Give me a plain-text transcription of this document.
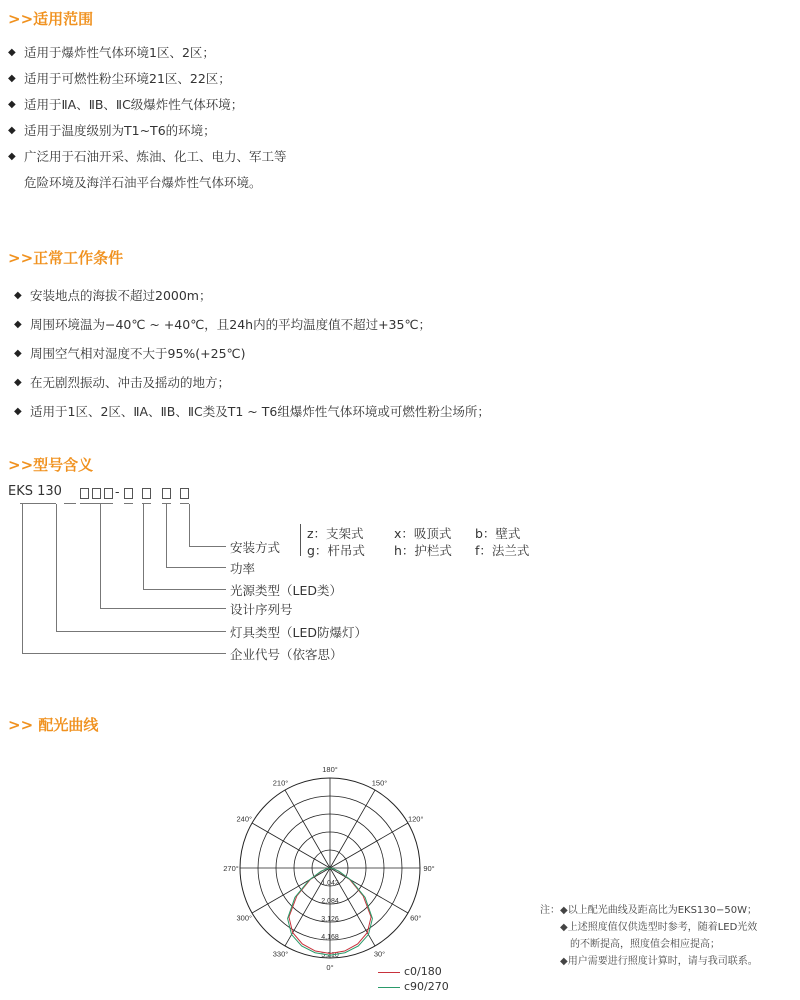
>>适用范围
◆ 适用于爆炸性气体环境1区、2区；
◆ 适用于可燃性粉尘环境21区、22区；
◆ 适用于ⅡA、ⅡB、ⅡC级爆炸性气体环境；
◆ 适用于温度级别为T1~T6的环境；
◆ 广泛用于石油开采、炼油、化工、电力、军工等
危险环境及海洋石油平台爆炸性气体环境。
>>正常工作条件
◆ 安装地点的海拔不超过2000m；
◆ 周围环境温为−40℃ ~ +40℃，且24h内的平均温度值不超过+35℃；
◆ 周围空气相对湿度不大于95%(+25℃)
◆ 在无剧烈振动、冲击及摇动的地方；
◆ 适用于1区、2区、ⅡA、ⅡB、ⅡC类及T1 ~ T6组爆炸性气体环境或可燃性粉尘场所；
>>型号含义
EKS 130	-
安装方式
z：支架式 x：吸顶式 b：壁式
g：杆吊式 h：护栏式 f：法兰式
功率
光源类型（LED类）
设计序列号
灯具类型（LED防爆灯）
企业代号（依客思）
>> 配光曲线
180°
150°
120°
90°
60°
30°
0°
330°
300°
270°
240°
210°
1,042
2,084
3,126
4,168
5,210
c0/180
c90/270
注：◆以上配光曲线及距高比为EKS130−50W；
◆上述照度值仅供选型时参考，随着LED光效
的不断提高，照度值会相应提高；
◆用户需要进行照度计算时，请与我司联系。
